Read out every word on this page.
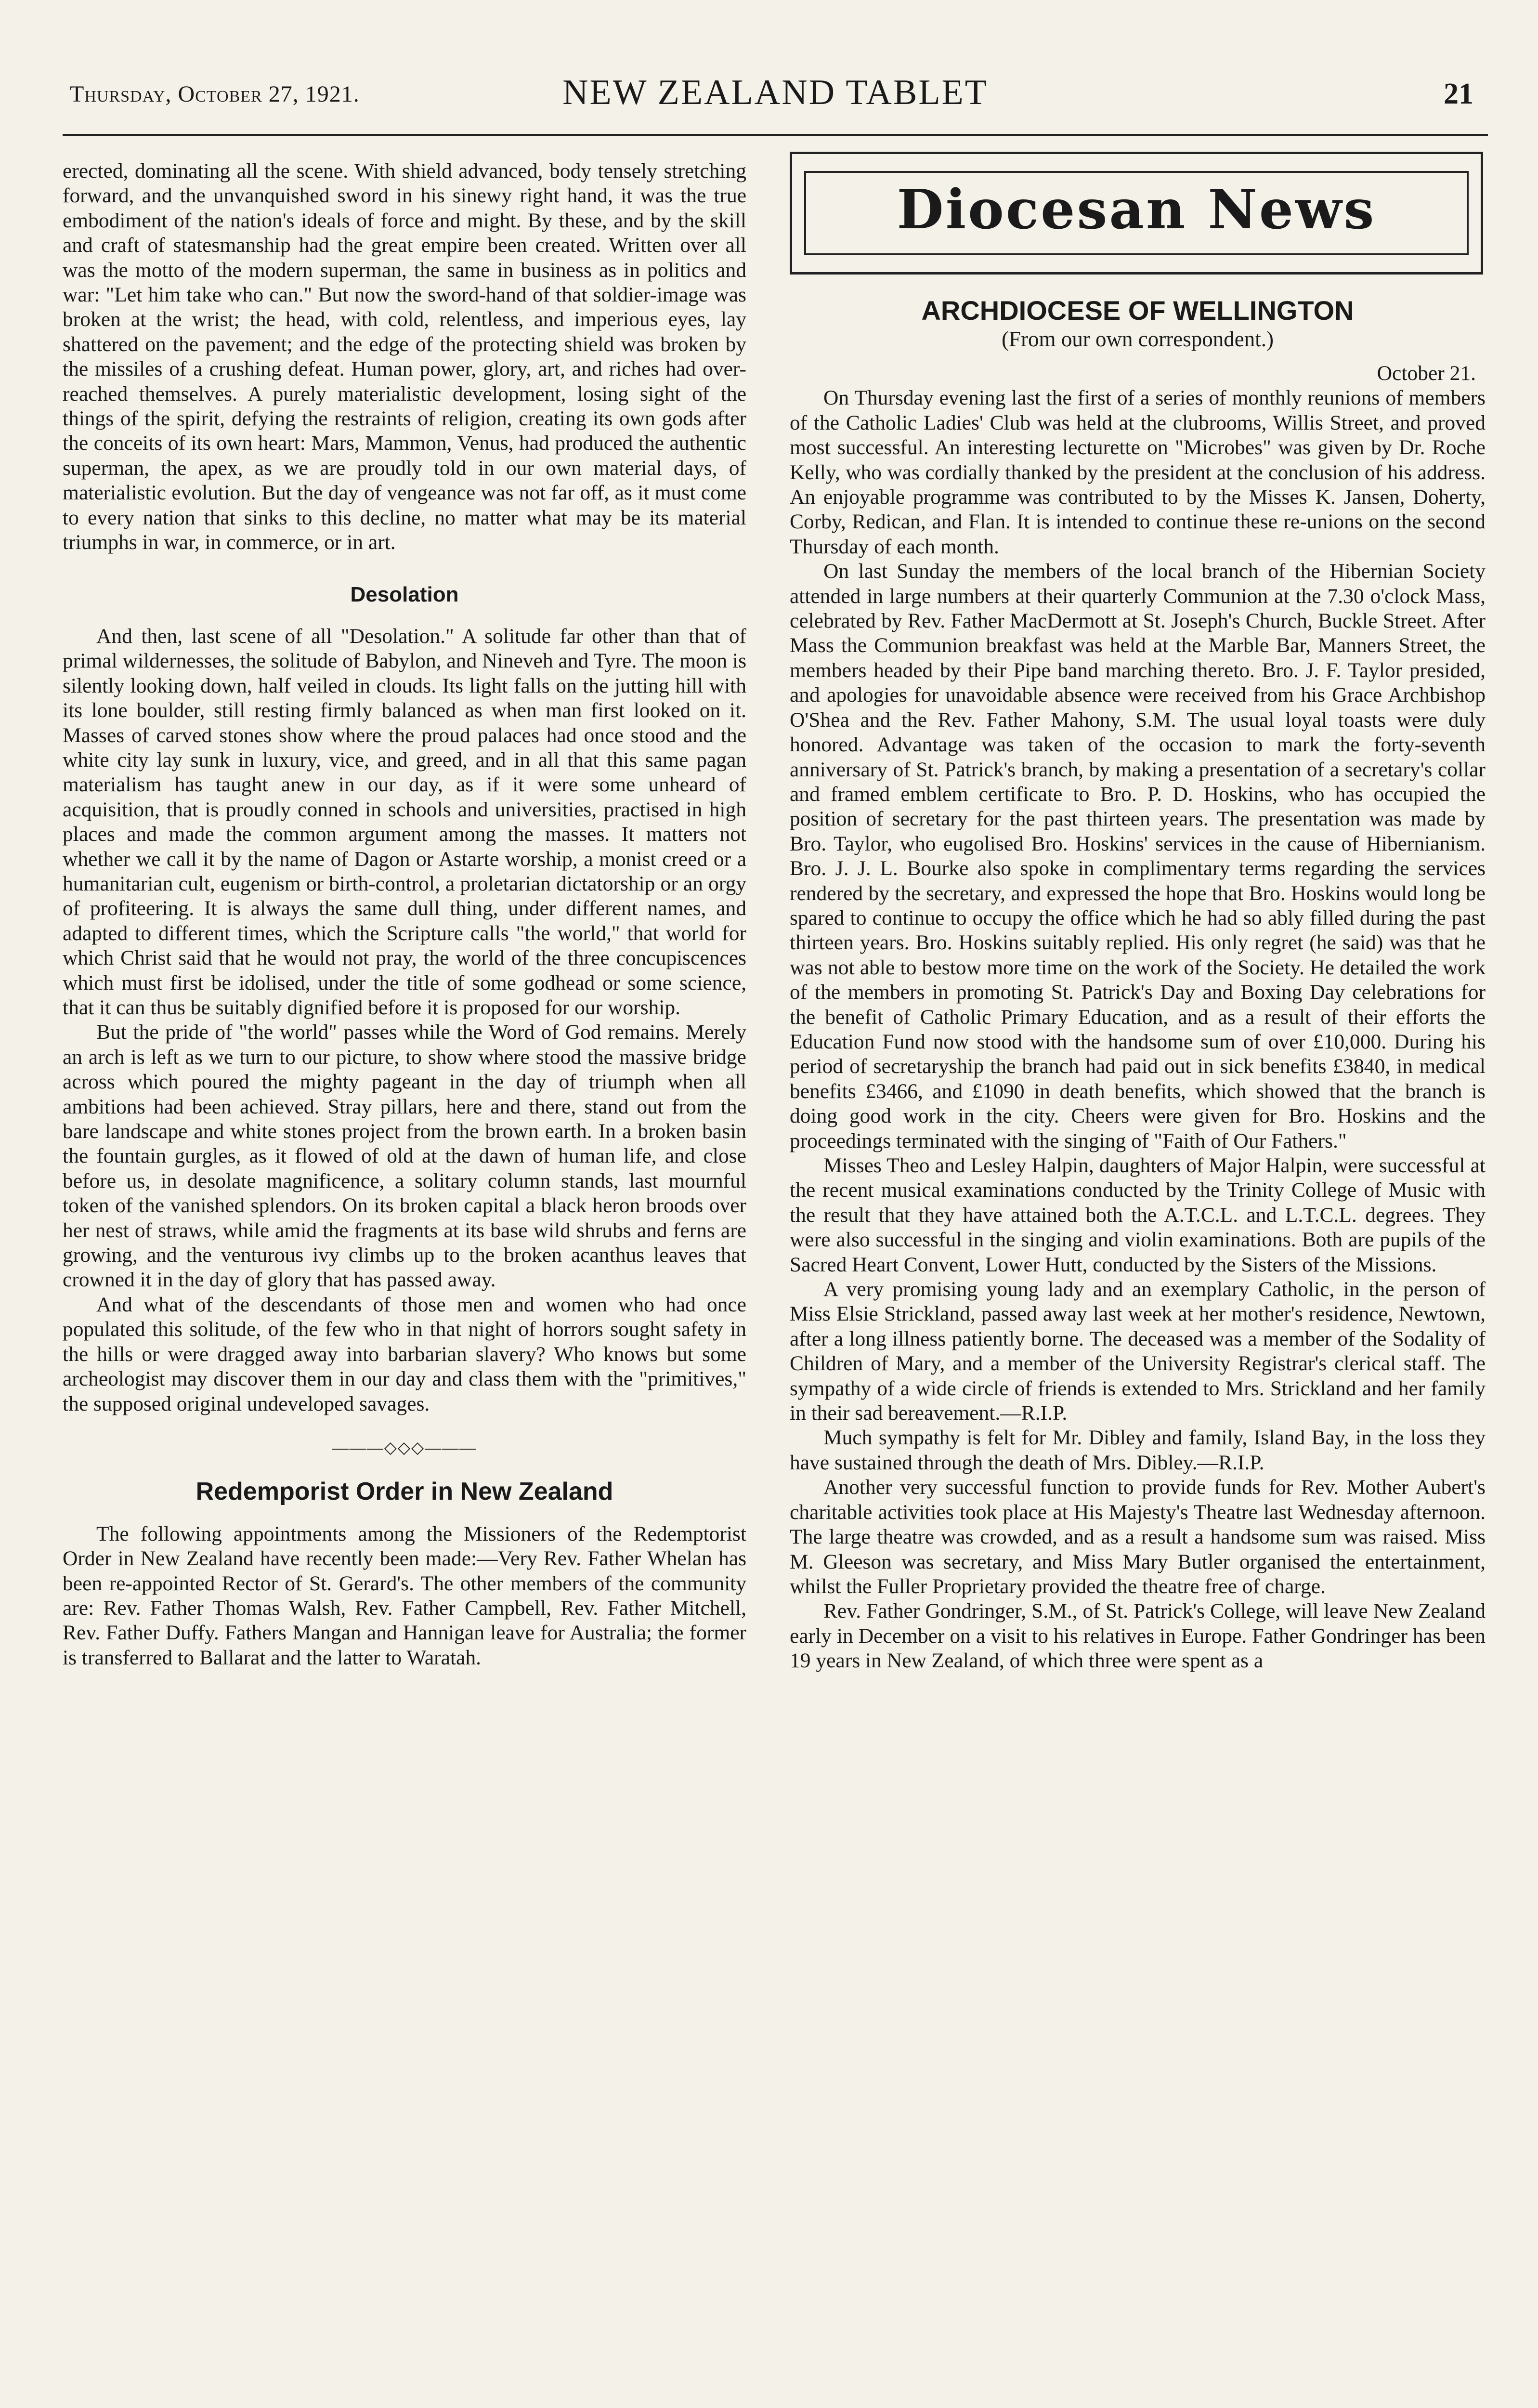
Thursday, October 27, 1921.	NEW ZEALAND TABLET	21

erected, dominating all the scene. With shield advanced, body tensely stretching forward, and the unvanquished sword in his sinewy right hand, it was the true embodiment of the nation's ideals of force and might. By these, and by the skill and craft of statesmanship had the great empire been created. Written over all was the motto of the modern superman, the same in business as in politics and war: "Let him take who can." But now the sword-hand of that soldier-image was broken at the wrist; the head, with cold, relentless, and imperious eyes, lay shattered on the pavement; and the edge of the protecting shield was broken by the missiles of a crushing defeat. Human power, glory, art, and riches had over-reached themselves. A purely materialistic development, losing sight of the things of the spirit, defying the restraints of religion, creating its own gods after the conceits of its own heart: Mars, Mammon, Venus, had produced the authentic superman, the apex, as we are proudly told in our own material days, of materialistic evolution. But the day of vengeance was not far off, as it must come to every nation that sinks to this decline, no matter what may be its material triumphs in war, in commerce, or in art.

Desolation

And then, last scene of all "Desolation." A solitude far other than that of primal wildernesses, the solitude of Babylon, and Nineveh and Tyre. The moon is silently looking down, half veiled in clouds. Its light falls on the jutting hill with its lone boulder, still resting firmly balanced as when man first looked on it. Masses of carved stones show where the proud palaces had once stood and the white city lay sunk in luxury, vice, and greed, and in all that this same pagan materialism has taught anew in our day, as if it were some unheard of acquisition, that is proudly conned in schools and universities, practised in high places and made the common argument among the masses. It matters not whether we call it by the name of Dagon or Astarte worship, a monist creed or a humanitarian cult, eugenism or birth-control, a proletarian dictatorship or an orgy of profiteering. It is always the same dull thing, under different names, and adapted to different times, which the Scripture calls "the world," that world for which Christ said that he would not pray, the world of the three concupiscences which must first be idolised, under the title of some godhead or some science, that it can thus be suitably dignified before it is proposed for our worship.

But the pride of "the world" passes while the Word of God remains. Merely an arch is left as we turn to our picture, to show where stood the massive bridge across which poured the mighty pageant in the day of triumph when all ambitions had been achieved. Stray pillars, here and there, stand out from the bare landscape and white stones project from the brown earth. In a broken basin the fountain gurgles, as it flowed of old at the dawn of human life, and close before us, in desolate magnificence, a solitary column stands, last mournful token of the vanished splendors. On its broken capital a black heron broods over her nest of straws, while amid the fragments at its base wild shrubs and ferns are growing, and the venturous ivy climbs up to the broken acanthus leaves that crowned it in the day of glory that has passed away.

And what of the descendants of those men and women who had once populated this solitude, of the few who in that night of horrors sought safety in the hills or were dragged away into barbarian slavery? Who knows but some archeologist may discover them in our day and class them with the "primitives," the supposed original undeveloped savages.

———◇◇◇———
Redemporist Order in New Zealand

The following appointments among the Missioners of the Redemptorist Order in New Zealand have recently been made:—Very Rev. Father Whelan has been re-appointed Rector of St. Gerard's. The other members of the community are: Rev. Father Thomas Walsh, Rev. Father Campbell, Rev. Father Mitchell, Rev. Father Duffy. Fathers Mangan and Hannigan leave for Australia; the former is transferred to Ballarat and the latter to Waratah.

Diocesan News
ARCHDIOCESE OF WELLINGTON
(From our own correspondent.)
October 21.

On Thursday evening last the first of a series of monthly reunions of members of the Catholic Ladies' Club was held at the clubrooms, Willis Street, and proved most successful. An interesting lecturette on "Microbes" was given by Dr. Roche Kelly, who was cordially thanked by the president at the conclusion of his address. An enjoyable programme was contributed to by the Misses K. Jansen, Doherty, Corby, Redican, and Flan. It is intended to continue these re-unions on the second Thursday of each month.

On last Sunday the members of the local branch of the Hibernian Society attended in large numbers at their quarterly Communion at the 7.30 o'clock Mass, celebrated by Rev. Father MacDermott at St. Joseph's Church, Buckle Street. After Mass the Communion breakfast was held at the Marble Bar, Manners Street, the members headed by their Pipe band marching thereto. Bro. J. F. Taylor presided, and apologies for unavoidable absence were received from his Grace Archbishop O'Shea and the Rev. Father Mahony, S.M. The usual loyal toasts were duly honored. Advantage was taken of the occasion to mark the forty-seventh anniversary of St. Patrick's branch, by making a presentation of a secretary's collar and framed emblem certificate to Bro. P. D. Hoskins, who has occupied the position of secretary for the past thirteen years. The presentation was made by Bro. Taylor, who eugolised Bro. Hoskins' services in the cause of Hibernianism. Bro. J. J. L. Bourke also spoke in complimentary terms regarding the services rendered by the secretary, and expressed the hope that Bro. Hoskins would long be spared to continue to occupy the office which he had so ably filled during the past thirteen years. Bro. Hoskins suitably replied. His only regret (he said) was that he was not able to bestow more time on the work of the Society. He detailed the work of the members in promoting St. Patrick's Day and Boxing Day celebrations for the benefit of Catholic Primary Education, and as a result of their efforts the Education Fund now stood with the handsome sum of over £10,000. During his period of secretaryship the branch had paid out in sick benefits £3840, in medical benefits £3466, and £1090 in death benefits, which showed that the branch is doing good work in the city. Cheers were given for Bro. Hoskins and the proceedings terminated with the singing of "Faith of Our Fathers."

Misses Theo and Lesley Halpin, daughters of Major Halpin, were successful at the recent musical examinations conducted by the Trinity College of Music with the result that they have attained both the A.T.C.L. and L.T.C.L. degrees. They were also successful in the singing and violin examinations. Both are pupils of the Sacred Heart Convent, Lower Hutt, conducted by the Sisters of the Missions.

A very promising young lady and an exemplary Catholic, in the person of Miss Elsie Strickland, passed away last week at her mother's residence, Newtown, after a long illness patiently borne. The deceased was a member of the Sodality of Children of Mary, and a member of the University Registrar's clerical staff. The sympathy of a wide circle of friends is extended to Mrs. Strickland and her family in their sad bereavement.—R.I.P.

Much sympathy is felt for Mr. Dibley and family, Island Bay, in the loss they have sustained through the death of Mrs. Dibley.—R.I.P.

Another very successful function to provide funds for Rev. Mother Aubert's charitable activities took place at His Majesty's Theatre last Wednesday afternoon. The large theatre was crowded, and as a result a handsome sum was raised. Miss M. Gleeson was secretary, and Miss Mary Butler organised the entertainment, whilst the Fuller Proprietary provided the theatre free of charge.

Rev. Father Gondringer, S.M., of St. Patrick's College, will leave New Zealand early in December on a visit to his relatives in Europe. Father Gondringer has been 19 years in New Zealand, of which three were spent as a
